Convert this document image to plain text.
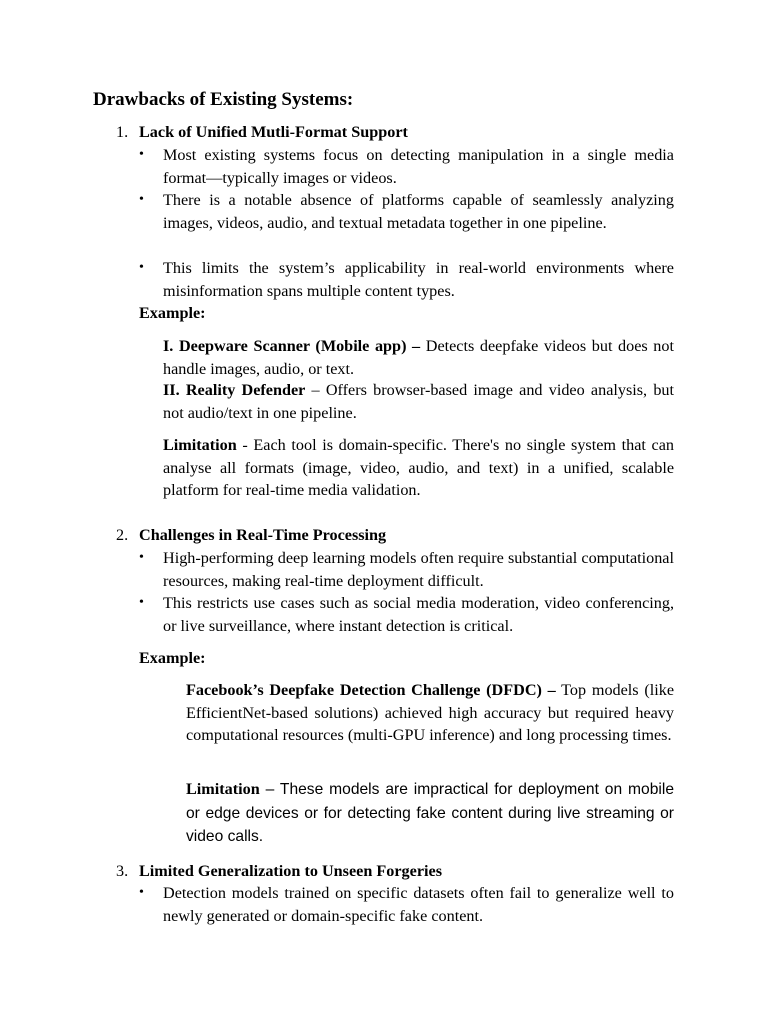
Drawbacks of Existing Systems:
1. Lack of Unified Mutli-Format Support
• Most existing systems focus on detecting manipulation in a single media format—typically images or videos.

• There is a notable absence of platforms capable of seamlessly analyzing images, videos, audio, and textual metadata together in one pipeline.

• This limits the system’s applicability in real-world environments where misinformation spans multiple content types.

Example:

I. Deepware Scanner (Mobile app) – Detects deepfake videos but does not handle images, audio, or text.

II. Reality Defender – Offers browser-based image and video analysis, but not audio/text in one pipeline.

Limitation - Each tool is domain-specific. There's no single system that can analyse all formats (image, video, audio, and text) in a unified, scalable platform for real-time media validation.

2. Challenges in Real-Time Processing
• High-performing deep learning models often require substantial computational resources, making real-time deployment difficult.

• This restricts use cases such as social media moderation, video conferencing, or live surveillance, where instant detection is critical.

Example:

Facebook’s Deepfake Detection Challenge (DFDC) – Top models (like EfficientNet-based solutions) achieved high accuracy but required heavy computational resources (multi-GPU inference) and long processing times.

Limitation – These models are impractical for deployment on mobile or edge devices or for detecting fake content during live streaming or video calls.

3. Limited Generalization to Unseen Forgeries
• Detection models trained on specific datasets often fail to generalize well to newly generated or domain-specific fake content.
